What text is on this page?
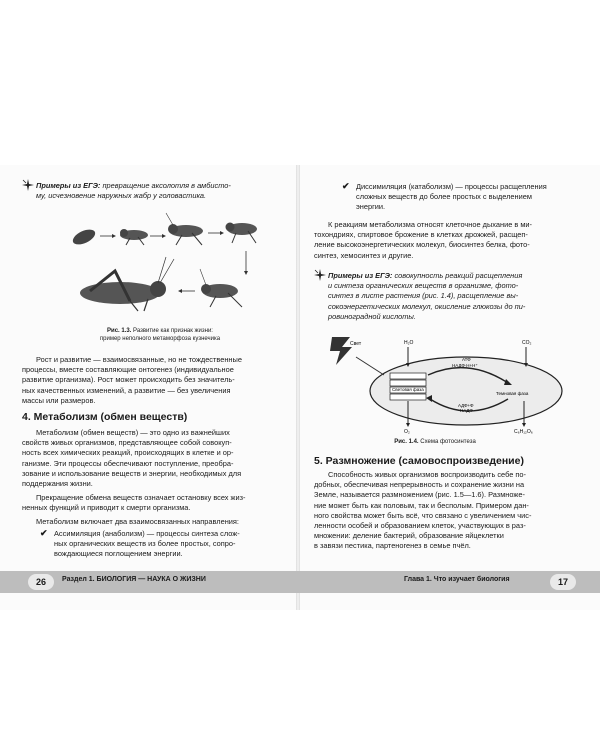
Примеры из ЕГЭ: превращение аксолотля в амбисто-
му, исчезновение наружных жабр у головастика.
Рис. 1.3. Развитие как признак жизни:
пример неполного метаморфоза кузнечика
Рост и развитие — взаимосвязанные, но не тождественные
процессы, вместе составляющие онтогенез (индивидуальное
развитие организма). Рост может происходить без значитель-
ных качественных изменений, а развитие — без увеличения
массы или размеров.
4. Метаболизм (обмен веществ)
Метаболизм (обмен веществ) — это одно из важнейших
свойств живых организмов, представляющее собой совокуп-
ность всех химических реакций, происходящих в клетке и ор-
ганизме. Эти процессы обеспечивают поступление, преобра-
зование и использование веществ и энергии, необходимых для
поддержания жизни.
Прекращение обмена веществ означает остановку всех жиз-
ненных функций и приводит к смерти организма.
Метаболизм включает два взаимосвязанных направления:
✔ Ассимиляция (анаболизм) — процессы синтеза слож-
ных органических веществ из более простых, сопро-
вождающиеся поглощением энергии.
✔ Диссимиляция (катаболизм) — процессы расщепления
сложных веществ до более простых с выделением
энергии.
К реакциям метаболизма относят клеточное дыхание в ми-
тохондриях, спиртовое брожение в клетках дрожжей, расщеп-
ление высокоэнергетических молекул, биосинтез белка, фото-
синтез, хемосинтез и другие.
Примеры из ЕГЭ: совокупность реакций расщепления
и синтеза органических веществ в организме, фото-
синтез в листе растения (рис. 1.4), расщепление вы-
сокоэнергетических молекул, окисление глюкозы до пи-
ровиноградной кислоты.
Свет	H₂O	CO₂
Световая фаза
Темновая фаза
АТФ
НАДФ·Н+Н⁺
АДФ+Ф
НАДФ
O₂	C₆H₁₂O₆
Рис. 1.4. Схема фотосинтеза
5. Размножение (самовоспроизведение)
Способность живых организмов воспроизводить себе по-
добных, обеспечивая непрерывность и сохранение жизни на
Земле, называется размножением (рис. 1.5—1.6). Размноже-
ние может быть как половым, так и бесполым. Примером дан-
ного свойства может быть всё, что связано с увеличением чис-
ленности особей и образованием клеток, участвующих в раз-
множении: деление бактерий, образование яйцеклетки
в завязи пестика, партеногенез в семье пчёл.
26	Раздел 1. БИОЛОГИЯ — НАУКА О ЖИЗНИ	Глава 1. Что изучает биология	17
